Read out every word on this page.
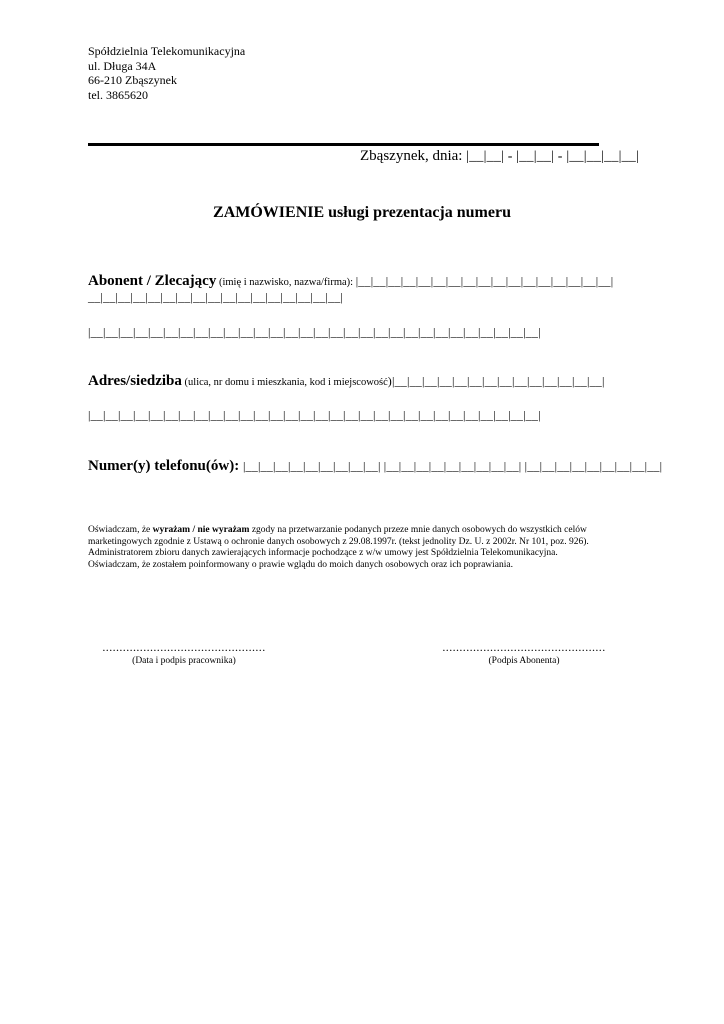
Spółdzielnia Telekomunikacyjna
ul. Długa 34A
66-210 Zbąszynek
tel. 3865620
Zbąszynek, dnia: |__|__| - |__|__| - |__|__|__|__|
ZAMÓWIENIE usługi prezentacja numeru
Abonent / Zlecający (imię i nazwisko, nazwa/firma): |__|__|__|__|__|__|__|__|__|__|__|__|__|__|__|__|__|
__|__|__|__|__|__|__|__|__|__|__|__|__|__|__|__|__|
|__|__|__|__|__|__|__|__|__|__|__|__|__|__|__|__|__|__|__|__|__|__|__|__|__|__|__|__|__|__|
Adres/siedziba (ulica, nr domu i mieszkania, kod i miejscowość)|__|__|__|__|__|__|__|__|__|__|__|__|__|__|
|__|__|__|__|__|__|__|__|__|__|__|__|__|__|__|__|__|__|__|__|__|__|__|__|__|__|__|__|__|__|
Numer(y) telefonu(ów): |__|__|__|__|__|__|__|__|__| |__|__|__|__|__|__|__|__|__| |__|__|__|__|__|__|__|__|__|
Oświadczam, że wyrażam / nie wyrażam zgody na przetwarzanie podanych przeze mnie danych osobowych do wszystkich celów
marketingowych zgodnie z Ustawą o ochronie danych osobowych z 29.08.1997r. (tekst jednolity Dz. U. z 2002r. Nr 101, poz. 926).
Administratorem zbioru danych zawierających informacje pochodzące z w/w umowy jest Spółdzielnia Telekomunikacyjna.
Oświadczam, że zostałem poinformowany o prawie wglądu do moich danych osobowych oraz ich poprawiania.
................................................
(Data i podpis pracownika)
................................................
(Podpis Abonenta)
